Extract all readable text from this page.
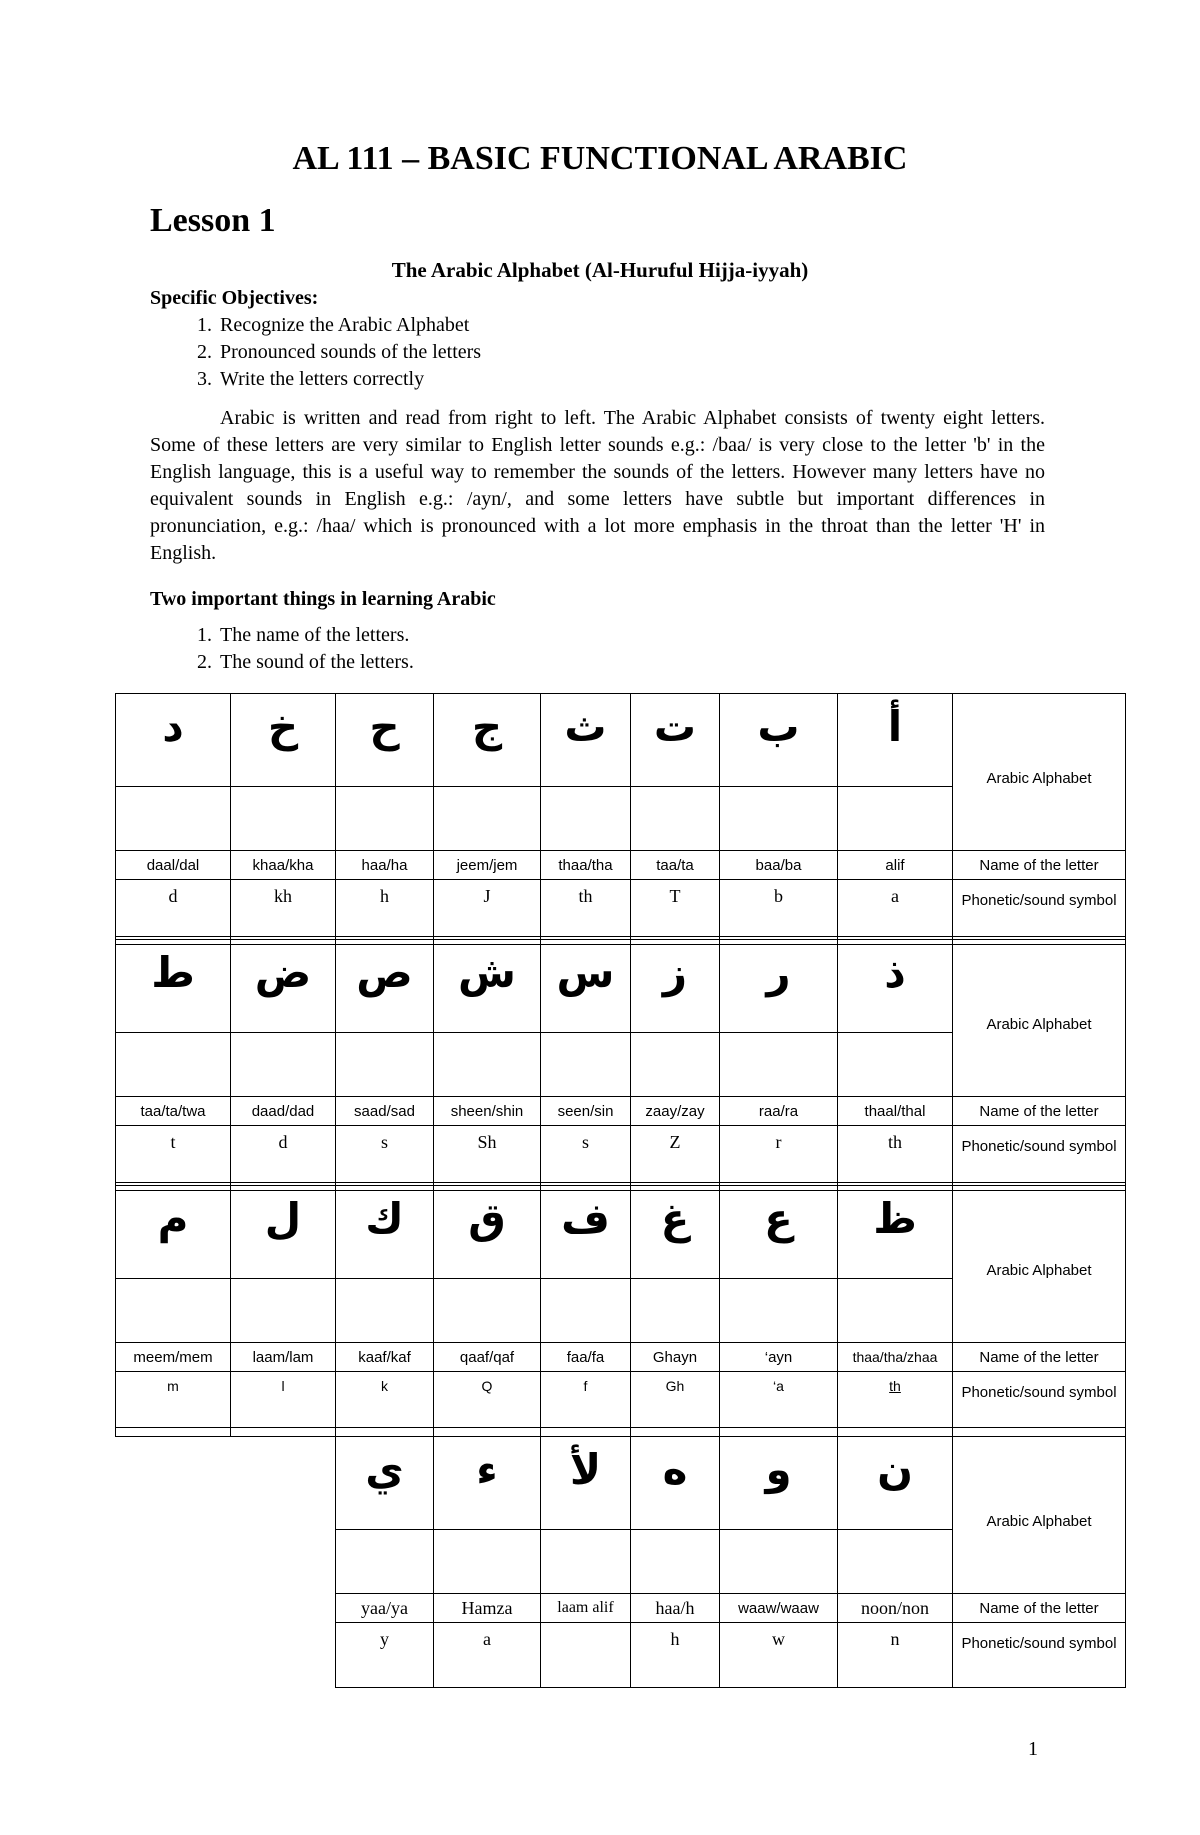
AL 111 – BASIC FUNCTIONAL ARABIC
Lesson 1
The Arabic Alphabet (Al-Huruful Hijja-iyyah)
Specific Objectives:
1. Recognize the Arabic Alphabet
2. Pronounced sounds of the letters
3. Write the letters correctly

Arabic is written and read from right to left. The Arabic Alphabet consists of twenty eight letters. Some of these letters are very similar to English letter sounds e.g.: /baa/ is very close to the letter 'b' in the English language, this is a useful way to remember the sounds of the letters. However many letters have no equivalent sounds in English e.g.: /ayn/, and some letters have subtle but important differences in pronunciation, e.g.: /haa/ which is pronounced with a lot more emphasis in the throat than the letter 'H' in English.

Two important things in learning Arabic
1. The name of the letters.
2. The sound of the letters.
د	خ	ح	ج	ث	ت	ب	أ	Arabic Alphabet

daal/dal	khaa/kha	haa/ha	jeem/jem	thaa/tha	taa/ta	baa/ba	alif	Name of the letter
d	kh	h	J	th	T	b	a	Phonetic/sound symbol
ط	ض	ص	ش	س	ز	ر	ذ	Arabic Alphabet

taa/ta/twa	daad/dad	saad/sad	sheen/shin	seen/sin	zaay/zay	raa/ra	thaal/thal	Name of the letter
t	d	s	Sh	s	Z	r	th	Phonetic/sound symbol
م	ل	ك	ق	ف	غ	ع	ظ	Arabic Alphabet

meem/mem	laam/lam	kaaf/kaf	qaaf/qaf	faa/fa	Ghayn	‘ayn	thaa/tha/zhaa	Name of the letter
m	l	k	Q	f	Gh	‘a	th	Phonetic/sound symbol
ي	ء	لأ	ه	و	ن	Arabic Alphabet

yaa/ya	Hamza	laam alif	haa/h	waaw/waaw	noon/non	Name of the letter
y	a		h	w	n	Phonetic/sound symbol
1
